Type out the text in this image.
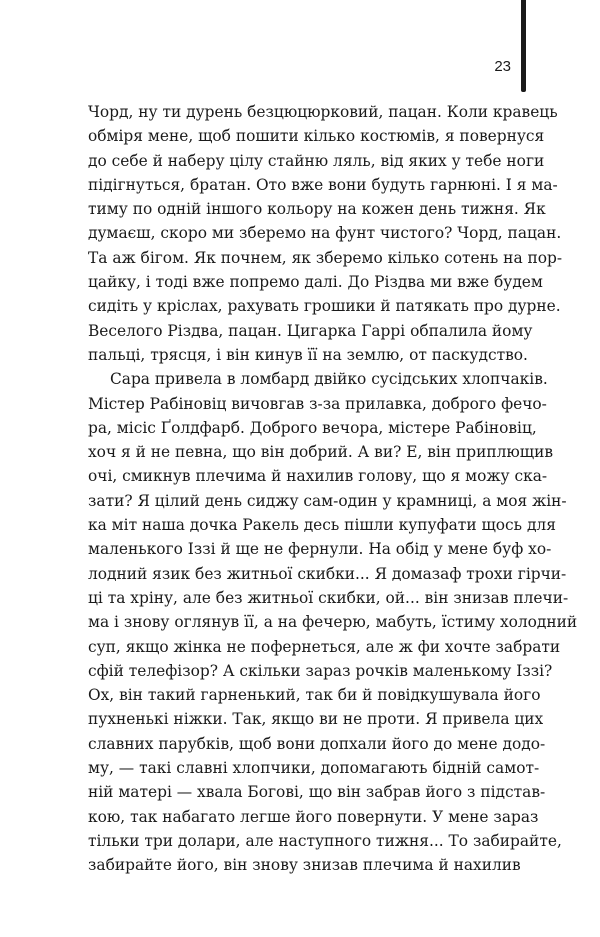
23

Чорд, ну ти дурень безцюцюрковий, пацан. Коли кравець
обміря мене, щоб пошити кілько костюмів, я повернуся
до себе й наберу цілу стайню ляль, від яких у тебе ноги
підігнуться, братан. Ото вже вони будуть гарнюні. І я ма-
тиму по одній іншого кольору на кожен день тижня. Як
думаєш, скоро ми зберемо на фунт чистого? Чорд, пацан.
Та аж бігом. Як почнем, як зберемо кілько сотень на пор-
цайку, і тоді вже попремо далі. До Різдва ми вже будем
сидіть у кріслах, рахувать грошики й патякать про дурне.
Веселого Різдва, пацан. Цигарка Гаррі обпалила йому
пальці, трясця, і він кинув її на землю, от паскудство.

Сара привела в ломбард двійко сусідських хлопчаків.
Містер Рабіновіц вичовгав з-за прилавка, доброго фечо-
ра, місіс Ґолдфарб. Доброго вечора, містере Рабіновіц,
хоч я й не певна, що він добрий. А ви? Е, він приплющив
очі, смикнув плечима й нахилив голову, що я можу ска-
зати? Я цілий день сиджу сам-один у крамниці, а моя жін-
ка міт наша дочка Ракель десь пішли купуфати щось для
маленького Іззі й ще не фернули. На обід у мене буф хо-
лодний язик без житньої скибки... Я домазаф трохи гірчи-
ці та хріну, але без житньої скибки, ой... він знизав плечи-
ма і знову оглянув її, а на фечерю, мабуть, їстиму холодний
суп, якщо жінка не пофернеться, але ж фи хочте забрати
сфій телефізор? А скільки зараз рочків маленькому Іззі?
Ох, він такий гарненький, так би й повідкушувала його
пухненькі ніжки. Так, якщо ви не проти. Я привела цих
славних парубків, щоб вони допхали його до мене додо-
му, — такі славні хлопчики, допомагають бідній самот-
ній матері — хвала Богові, що він забрав його з підстав-
кою, так набагато легше його повернути. У мене зараз
тільки три долари, але наступного тижня... То забирайте,
забирайте його, він знову знизав плечима й нахилив
